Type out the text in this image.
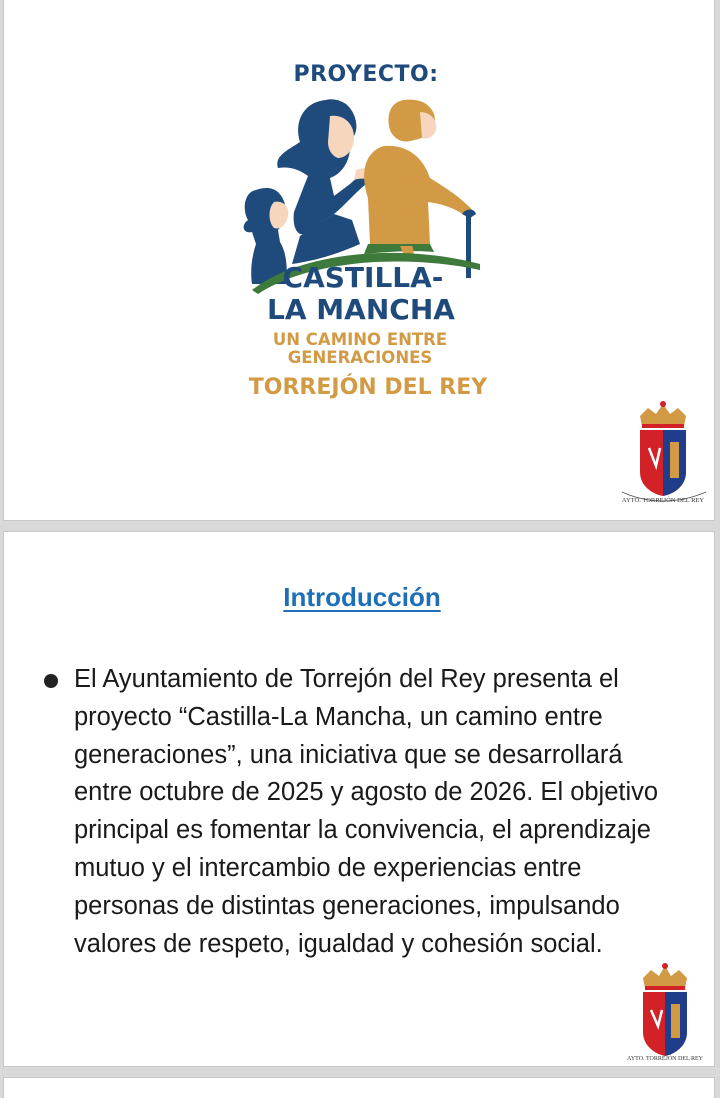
PROYECTO:
CASTILLA-
LA MANCHA
UN CAMINO ENTRE
GENERACIONES
TORREJÓN DEL REY
AYTO. TORREJÓN DEL REY
Introducción
El Ayuntamiento de Torrejón del Rey presenta el proyecto “Castilla-La Mancha, un camino entre generaciones”, una iniciativa que se desarrollará entre octubre de 2025 y agosto de 2026. El objetivo principal es fomentar la convivencia, el aprendizaje mutuo y el intercambio de experiencias entre personas de distintas generaciones, impulsando valores de respeto, igualdad y cohesión social.
AYTO. TORREJÓN DEL REY
